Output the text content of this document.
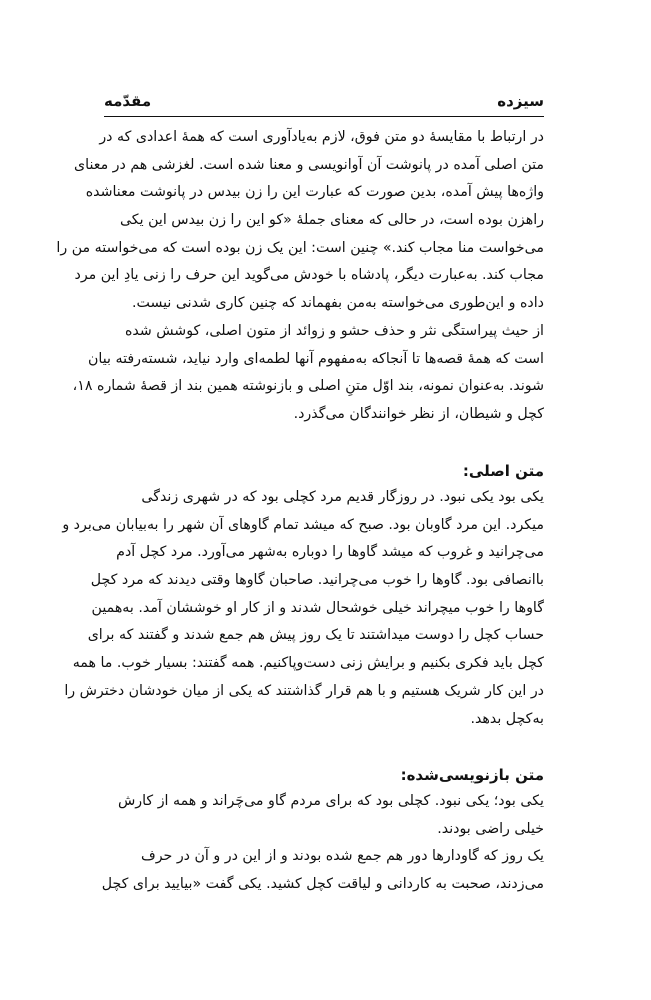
مقدّمه	سیزده
در ارتباط با مقایسهٔ دو متن فوق، لازم به‌یادآوری است که همهٔ اعدادی که در
متن اصلی آمده در پانوشت آن آوانویسی و معنا شده است. لغزشی هم در معنای
واژه‌ها پیش آمده، بدین صورت که عبارت این را زن بیدس در پانوشت معناشده
راهزن بوده است، در حالی که معنای جملهٔ «کو این را زن بیدس این یکی
می‌خواست منا مجاب کند.» چنین است: این یک زن بوده است که می‌خواسته من را
مجاب کند. به‌عبارت دیگر، پادشاه با خودش می‌گوید این حرف را زنی یادِ این مرد
داده و این‌طوری می‌خواسته به‌من بفهماند که چنین کاری شدنی نیست.
از حیث پیراستگی نثر و حذف حشو و زوائد از متون اصلی، کوشش شده
است که همهٔ قصه‌ها تا آنجاکه به‌مفهوم آنها لطمه‌ای وارد نیاید، شسته‌رفته بیان
شوند. به‌عنوان نمونه، بند اوّل متنِ اصلی و بازنوشته همین بند از قصهٔ شماره ۱۸،
کچل و شیطان، از نظر خوانندگان می‌گذرد.
متن اصلی:
یکی بود یکی نبود. در روزگار قدیم مرد کچلی بود که در شهری زندگی
میکرد. این مرد گاوبان بود. صبح که میشد تمام گاوهای آن شهر را به‌بیابان می‌برد و
می‌چرانید و غروب که میشد گاوها را دوباره به‌شهر می‌آورد. مرد کچل آدم
باانصافی بود. گاوها را خوب می‌چرانید. صاحبان گاوها وقتی دیدند که مرد کچل
گاوها را خوب میچراند خیلی خوشحال شدند و از کار او خوششان آمد. به‌همین
حساب کچل را دوست میداشتند تا یک روز پیش هم جمع شدند و گفتند که برای
کچل باید فکری بکنیم و برایش زنی دست‌وپاکنیم. همه گفتند: بسیار خوب. ما همه
در این کار شریک هستیم و با هم قرار گذاشتند که یکی از میان خودشان دخترش را
به‌کچل بدهد.
متن بازنویسی‌شده:
یکی بود؛ یکی نبود. کچلی بود که برای مردم گاو می‌چَراند و همه از کارش
خیلی راضی بودند.
یک روز که گاودارها دور هم جمع شده بودند و از این در و آن در حرف
می‌زدند، صحبت به کاردانی و لیاقت کچل کشید. یکی گفت «بیایید برای کچل
